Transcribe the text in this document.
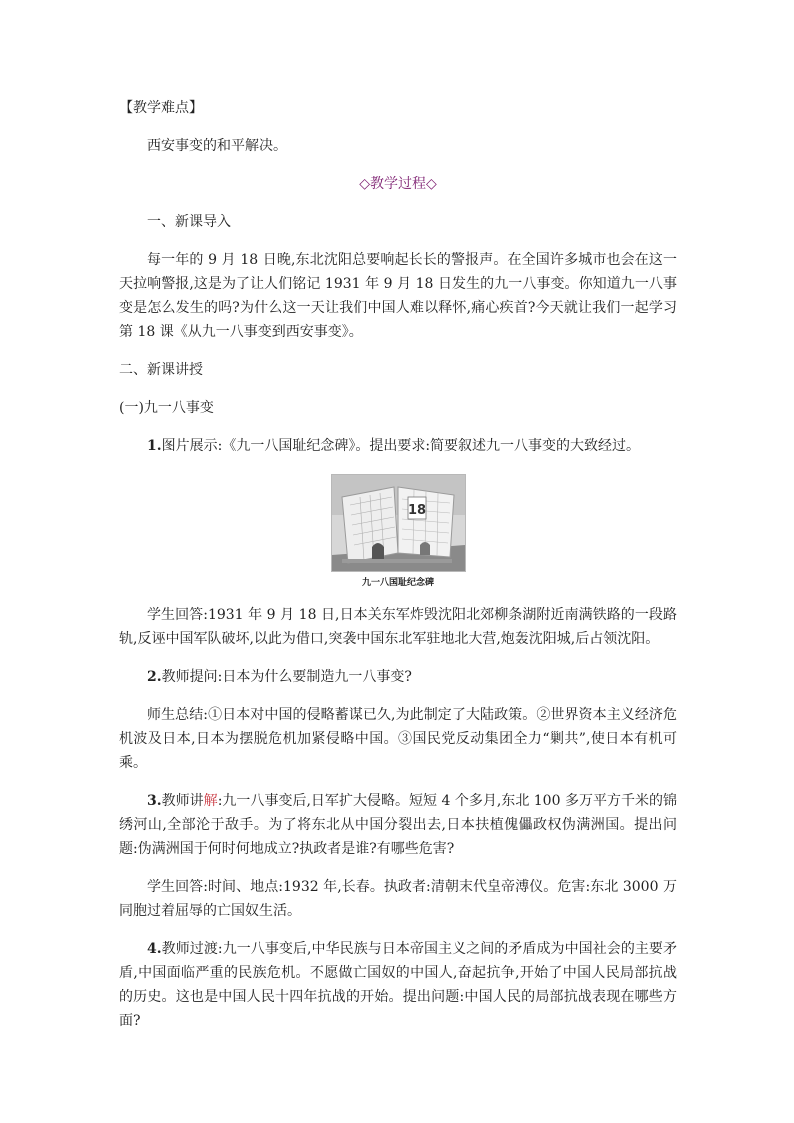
【教学难点】

西安事变的和平解决。

◇教学过程◇

一、新课导入

每一年的 9 月 18 日晚,东北沈阳总要响起长长的警报声。在全国许多城市也会在这一天拉响警报,这是为了让人们铭记 1931 年 9 月 18 日发生的九一八事变。你知道九一八事变是怎么发生的吗?为什么这一天让我们中国人难以释怀,痛心疾首?今天就让我们一起学习第 18 课《从九一八事变到西安事变》。

二、新课讲授

(一)九一八事变

1.图片展示:《九一八国耻纪念碑》。提出要求:简要叙述九一八事变的大致经过。

18

九一八国耻纪念碑

学生回答:1931 年 9 月 18 日,日本关东军炸毁沈阳北郊柳条湖附近南满铁路的一段路轨,反诬中国军队破坏,以此为借口,突袭中国东北军驻地北大营,炮轰沈阳城,后占领沈阳。

2.教师提问:日本为什么要制造九一八事变?

师生总结:①日本对中国的侵略蓄谋已久,为此制定了大陆政策。②世界资本主义经济危机波及日本,日本为摆脱危机加紧侵略中国。③国民党反动集团全力“剿共”,使日本有机可乘。

3.教师讲解:九一八事变后,日军扩大侵略。短短 4 个多月,东北 100 多万平方千米的锦绣河山,全部沦于敌手。为了将东北从中国分裂出去,日本扶植傀儡政权伪满洲国。提出问题:伪满洲国于何时何地成立?执政者是谁?有哪些危害?

学生回答:时间、地点:1932 年,长春。执政者:清朝末代皇帝溥仪。危害:东北 3000 万同胞过着屈辱的亡国奴生活。

4.教师过渡:九一八事变后,中华民族与日本帝国主义之间的矛盾成为中国社会的主要矛盾,中国面临严重的民族危机。不愿做亡国奴的中国人,奋起抗争,开始了中国人民局部抗战的历史。这也是中国人民十四年抗战的开始。提出问题:中国人民的局部抗战表现在哪些方面?
